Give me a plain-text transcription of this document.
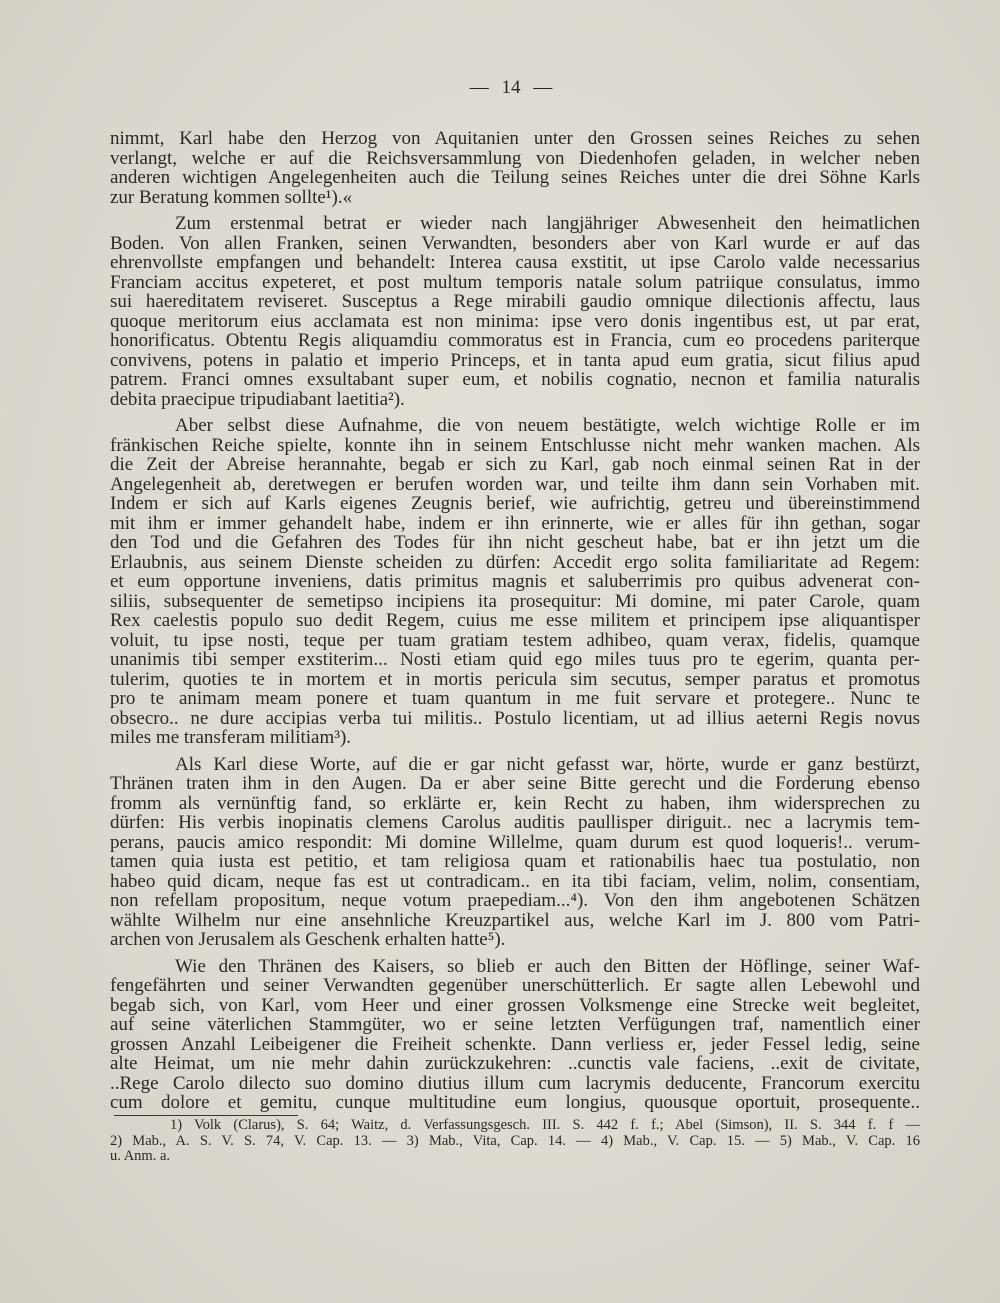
— 14 —
nimmt, Karl habe den Herzog von Aquitanien unter den Grossen seines Reiches zu sehen
verlangt, welche er auf die Reichsversammlung von Diedenhofen geladen, in welcher neben
anderen wichtigen Angelegenheiten auch die Teilung seines Reiches unter die drei Söhne Karls
zur Beratung kommen sollte¹).«
Zum erstenmal betrat er wieder nach langjähriger Abwesenheit den heimatlichen
Boden. Von allen Franken, seinen Verwandten, besonders aber von Karl wurde er auf das
ehrenvollste empfangen und behandelt: Interea causa exstitit, ut ipse Carolo valde necessarius
Franciam accitus expeteret, et post multum temporis natale solum patriique consulatus, immo
sui haereditatem reviseret. Susceptus a Rege mirabili gaudio omnique dilectionis affectu, laus
quoque meritorum eius acclamata est non minima: ipse vero donis ingentibus est, ut par erat,
honorificatus. Obtentu Regis aliquamdiu commoratus est in Francia, cum eo procedens pariterque
convivens, potens in palatio et imperio Princeps, et in tanta apud eum gratia, sicut filius apud
patrem. Franci omnes exsultabant super eum, et nobilis cognatio, necnon et familia naturalis
debita praecipue tripudiabant laetitia²).
Aber selbst diese Aufnahme, die von neuem bestätigte, welch wichtige Rolle er im
fränkischen Reiche spielte, konnte ihn in seinem Entschlusse nicht mehr wanken machen. Als
die Zeit der Abreise herannahte, begab er sich zu Karl, gab noch einmal seinen Rat in der
Angelegenheit ab, deretwegen er berufen worden war, und teilte ihm dann sein Vorhaben mit.
Indem er sich auf Karls eigenes Zeugnis berief, wie aufrichtig, getreu und übereinstimmend
mit ihm er immer gehandelt habe, indem er ihn erinnerte, wie er alles für ihn gethan, sogar
den Tod und die Gefahren des Todes für ihn nicht gescheut habe, bat er ihn jetzt um die
Erlaubnis, aus seinem Dienste scheiden zu dürfen: Accedit ergo solita familiaritate ad Regem:
et eum opportune inveniens, datis primitus magnis et saluberrimis pro quibus advenerat con-
siliis, subsequenter de semetipso incipiens ita prosequitur: Mi domine, mi pater Carole, quam
Rex caelestis populo suo dedit Regem, cuius me esse militem et principem ipse aliquantisper
voluit, tu ipse nosti, teque per tuam gratiam testem adhibeo, quam verax, fidelis, quamque
unanimis tibi semper exstiterim... Nosti etiam quid ego miles tuus pro te egerim, quanta per-
tulerim, quoties te in mortem et in mortis pericula sim secutus, semper paratus et promotus
pro te animam meam ponere et tuam quantum in me fuit servare et protegere.. Nunc te
obsecro.. ne dure accipias verba tui militis.. Postulo licentiam, ut ad illius aeterni Regis novus
miles me transferam militiam³).
Als Karl diese Worte, auf die er gar nicht gefasst war, hörte, wurde er ganz bestürzt,
Thränen traten ihm in den Augen. Da er aber seine Bitte gerecht und die Forderung ebenso
fromm als vernünftig fand, so erklärte er, kein Recht zu haben, ihm widersprechen zu
dürfen: His verbis inopinatis clemens Carolus auditis paullisper diriguit.. nec a lacrymis tem-
perans, paucis amico respondit: Mi domine Willelme, quam durum est quod loqueris!.. verum-
tamen quia iusta est petitio, et tam religiosa quam et rationabilis haec tua postulatio, non
habeo quid dicam, neque fas est ut contradicam.. en ita tibi faciam, velim, nolim, consentiam,
non refellam propositum, neque votum praepediam...⁴). Von den ihm angebotenen Schätzen
wählte Wilhelm nur eine ansehnliche Kreuzpartikel aus, welche Karl im J. 800 vom Patri-
archen von Jerusalem als Geschenk erhalten hatte⁵).
Wie den Thränen des Kaisers, so blieb er auch den Bitten der Höflinge, seiner Waf-
fengefährten und seiner Verwandten gegenüber unerschütterlich. Er sagte allen Lebewohl und
begab sich, von Karl, vom Heer und einer grossen Volksmenge eine Strecke weit begleitet,
auf seine väterlichen Stammgüter, wo er seine letzten Verfügungen traf, namentlich einer
grossen Anzahl Leibeigener die Freiheit schenkte. Dann verliess er, jeder Fessel ledig, seine
alte Heimat, um nie mehr dahin zurückzukehren: ..cunctis vale faciens, ..exit de civitate,
..Rege Carolo dilecto suo domino diutius illum cum lacrymis deducente, Francorum exercitu
cum dolore et gemitu, cunque multitudine eum longius, quousque oportuit, prosequente..
1) Volk (Clarus), S. 64; Waitz, d. Verfassungsgesch. III. S. 442 f. f.; Abel (Simson), II. S. 344 f. f —
2) Mab., A. S. V. S. 74, V. Cap. 13. — 3) Mab., Vita, Cap. 14. — 4) Mab., V. Cap. 15. — 5) Mab., V. Cap. 16
u. Anm. a.
